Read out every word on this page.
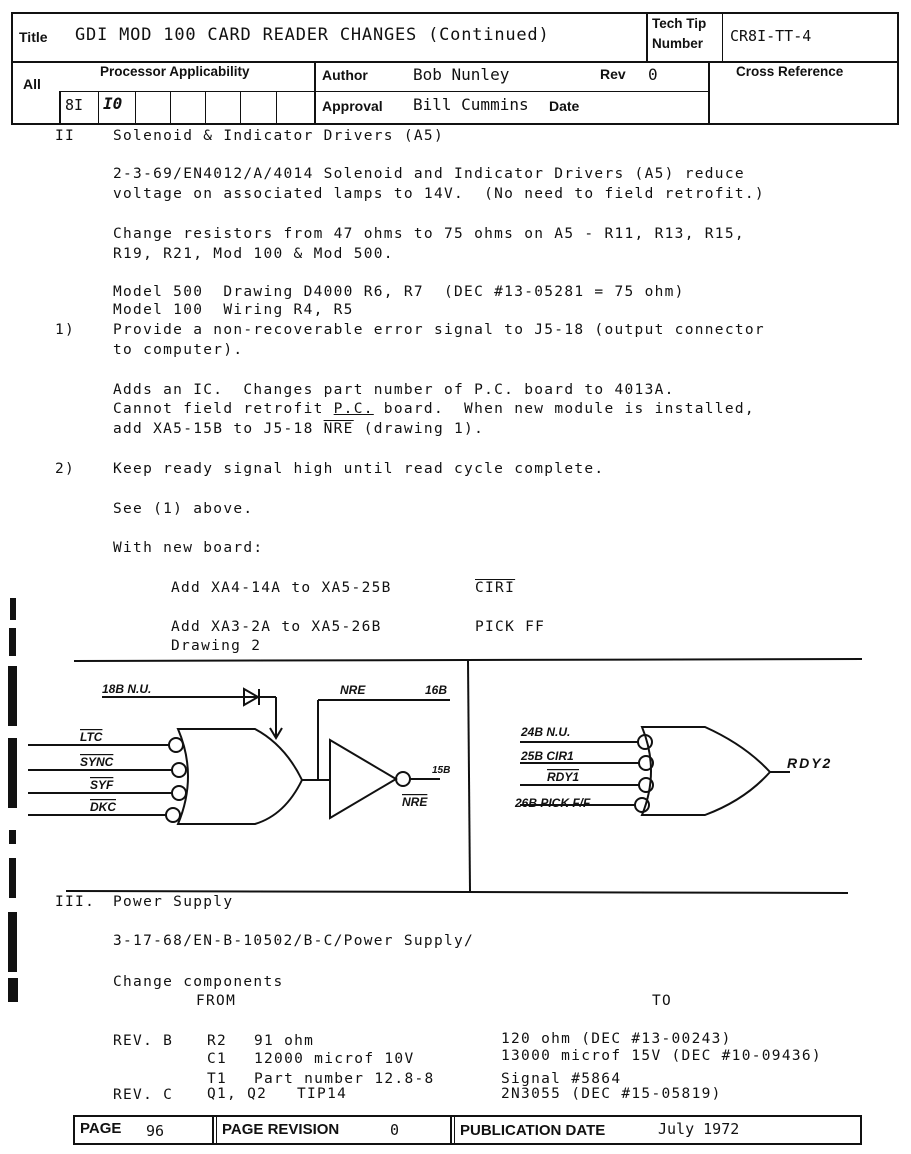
Title GDI MOD 100 CARD READER CHANGES (Continued)
Tech Tip
Number CR8I-TT-4
All
Processor Applicability
8I I0
Author	Bob Nunley	Rev 0
Approval Bill Cummins Date
Cross Reference
II	Solenoid & Indicator Drivers (A5)
2-3-69/EN4012/A/4014 Solenoid and Indicator Drivers (A5) reduce
voltage on associated lamps to 14V.  (No need to field retrofit.)
Change resistors from 47 ohms to 75 ohms on A5 - R11, R13, R15,
R19, R21, Mod 100 & Mod 500.
Model 500  Drawing D4000 R6, R7  (DEC #13-05281 = 75 ohm)
Model 100  Wiring R4, R5
1)	Provide a non-recoverable error signal to J5-18 (output connector
to computer).
Adds an IC.  Changes part number of P.C. board to 4013A.
Cannot field retrofit P.C. board.  When new module is installed,
add XA5-15B to J5-18 $\overline{NRE}$ (drawing 1).
2)	Keep ready signal high until read cycle complete.
See (1) above.
With new board:
Add XA4-14A to XA5-25B	CIRI
Add XA3-2A to XA5-26B	PICK FF
Drawing 2
18B N.U.	NRE	16B
LTC
SYNC
SYF
DKC
15B
NRE
24B N.U.
25B CIR1
RDY1
26B PICK F/F
RDY2
III. Power Supply
3-17-68/EN-B-10502/B-C/Power Supply/
Change components
FROM	TO
REV. B R2 91 ohm	120 ohm (DEC #13-00243)
C1 12000 microf 10V	13000 microf 15V (DEC #10-09436)
T1 Part number 12.8-8	Signal #5864
REV. C Q1, Q2 TIP14	2N3055 (DEC #15-05819)
PAGE 96	PAGE REVISION	0	PUBLICATION DATE	July 1972
